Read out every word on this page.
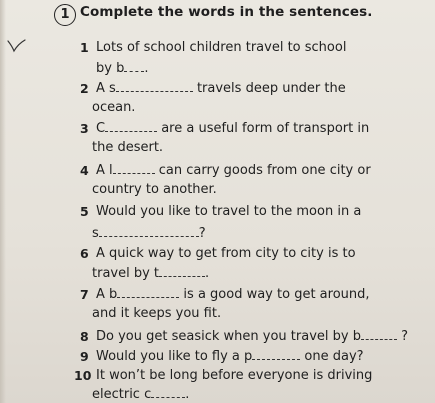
1 Complete the words in the sentences.
1 Lots of school children travel to school
by b .
2 A s	travels deep under the
ocean.
3 C	are a useful form of transport in
the desert.
4 A l	can carry goods from one city or
country to another.
5 Would you like to travel to the moon in a
s	?
6 A quick way to get from city to city is to
travel by t	.
7 A b	is a good way to get around,
and it keeps you fit.
8 Do you get seasick when you travel by b	?
9 Would you like to fly a p	one day?
10 It won’t be long before everyone is driving
electric c	.
